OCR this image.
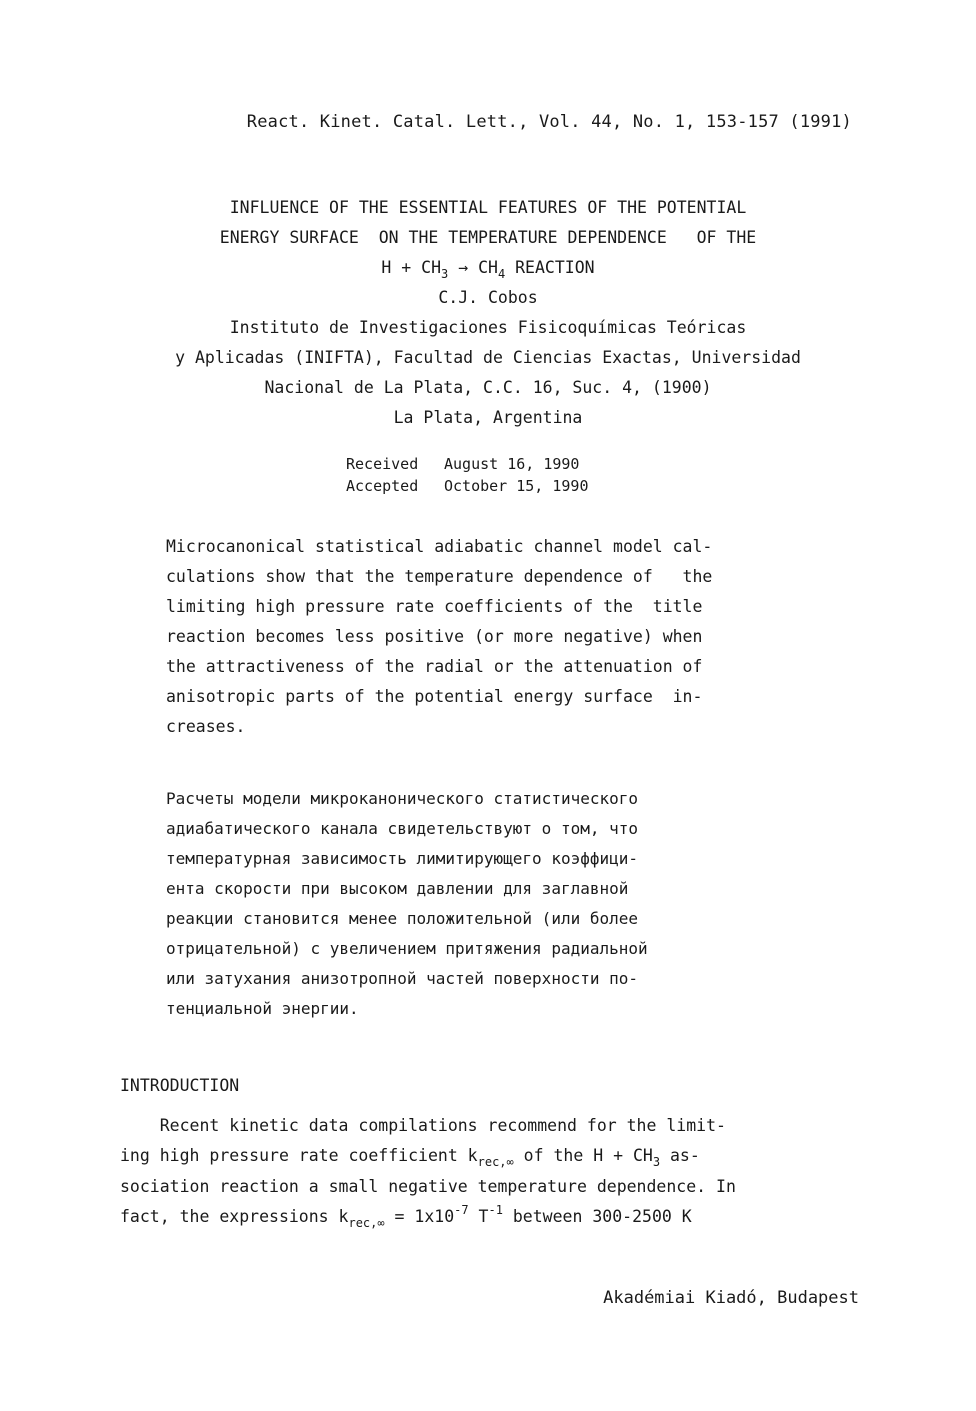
React. Kinet. Catal. Lett., Vol. 44, No. 1, 153-157 (1991)
INFLUENCE OF THE ESSENTIAL FEATURES OF THE POTENTIAL
ENERGY SURFACE  ON THE TEMPERATURE DEPENDENCE   OF THE
$H + CH_3 \to CH_4$ REACTION
C.J. Cobos
Instituto de Investigaciones Fisicoquímicas Teóricas
y Aplicadas (INIFTA), Facultad de Ciencias Exactas, Universidad
Nacional de La Plata, C.C. 16, Suc. 4, (1900)
La Plata, Argentina
Received August 16, 1990
Accepted October 15, 1990
Microcanonical statistical adiabatic channel model cal-
culations show that the temperature dependence of   the
limiting high pressure rate coefficients of the  title
reaction becomes less positive (or more negative) when
the attractiveness of the radial or the attenuation of
anisotropic parts of the potential energy surface  in-
creases.
Расчеты модели микроканонического статистического
адиабатического канала свидетельствуют о том, что
температурная зависимость лимитирующего коэффици-
ента скорости при высоком давлении для заглавной
реакции становится менее положительной (или более
отрицательной) с увеличением притяжения радиальной
или затухания анизотропной частей поверхности по-
тенциальной энергии.
INTRODUCTION
Recent kinetic data compilations recommend for the limit-
ing high pressure rate coefficient $k_{rec,\infty}$ of the $H + CH_3$ as-
sociation reaction a small negative temperature dependence. In
fact, the expressions $k_{rec,\infty} = 1x10^{-7}$ $T^{-1}$ between 300-2500 K
Akadémiai Kiadó, Budapest
